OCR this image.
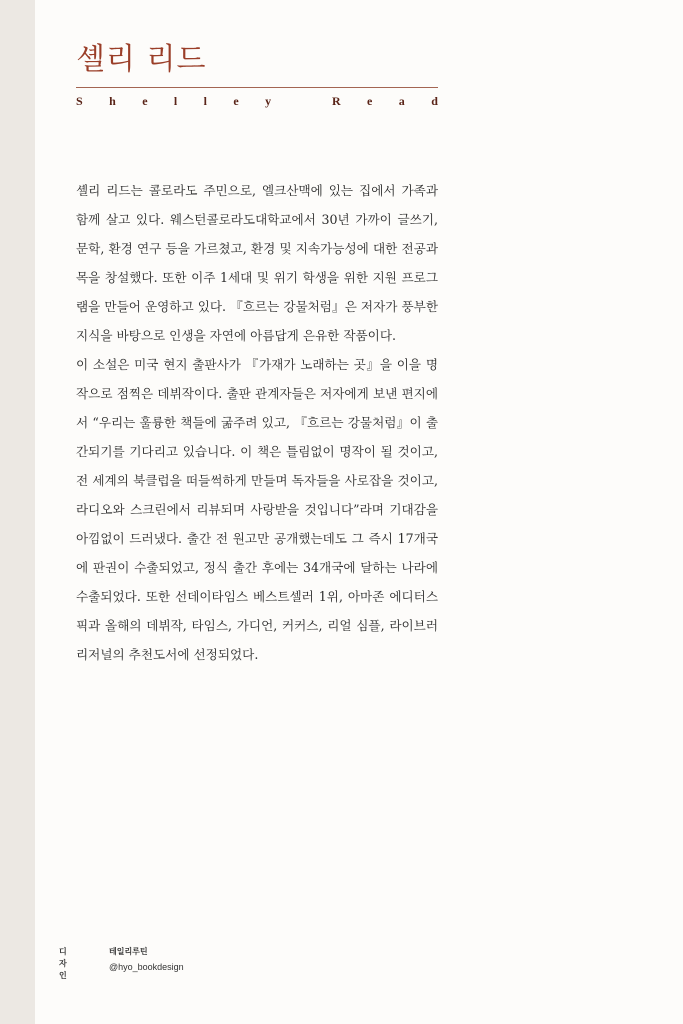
셸리 리드
S h e l l e y	R e a d

셸리 리드는 콜로라도 주민으로, 엘크산맥에 있는 집에서 가족과 함께 살고 있다. 웨스턴콜로라도대학교에서 30년 가까이 글쓰기, 문학, 환경 연구 등을 가르쳤고, 환경 및 지속가능성에 대한 전공과목을 창설했다. 또한 이주 1세대 및 위기 학생을 위한 지원 프로그램을 만들어 운영하고 있다. 『흐르는 강물처럼』은 저자가 풍부한 지식을 바탕으로 인생을 자연에 아름답게 은유한 작품이다.

이 소설은 미국 현지 출판사가 『가재가 노래하는 곳』을 이을 명작으로 점찍은 데뷔작이다. 출판 관계자들은 저자에게 보낸 편지에서 “우리는 훌륭한 책들에 굶주려 있고, 『흐르는 강물처럼』이 출간되기를 기다리고 있습니다. 이 책은 틀림없이 명작이 될 것이고, 전 세계의 북클럽을 떠들썩하게 만들며 독자들을 사로잡을 것이고, 라디오와 스크린에서 리뷰되며 사랑받을 것입니다”라며 기대감을 아낌없이 드러냈다. 출간 전 원고만 공개했는데도 그 즉시 17개국에 판권이 수출되었고, 정식 출간 후에는 34개국에 달하는 나라에 수출되었다. 또한 선데이타임스 베스트셀러 1위, 아마존 에디터스픽과 올해의 데뷔작, 타임스, 가디언, 커커스, 리얼 심플, 라이브러리저널의 추천도서에 선정되었다.

디자인
테일리루틴
@hyo_bookdesign
